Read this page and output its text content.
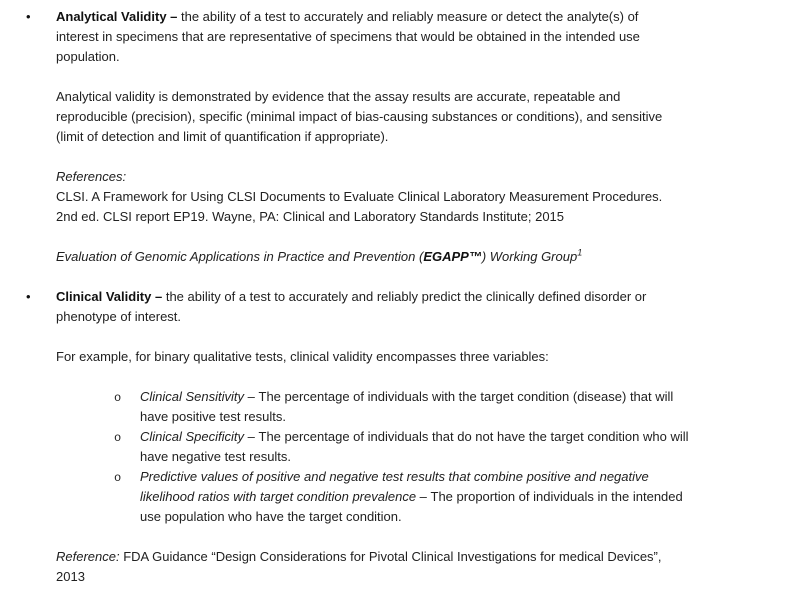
• Analytical Validity – the ability of a test to accurately and reliably measure or detect the analyte(s) of
interest in specimens that are representative of specimens that would be obtained in the intended use
population.
Analytical validity is demonstrated by evidence that the assay results are accurate, repeatable and
reproducible (precision), specific (minimal impact of bias-causing substances or conditions), and sensitive
(limit of detection and limit of quantification if appropriate).
References:
CLSI. A Framework for Using CLSI Documents to Evaluate Clinical Laboratory Measurement Procedures.
2nd ed. CLSI report EP19. Wayne, PA: Clinical and Laboratory Standards Institute; 2015
Evaluation of Genomic Applications in Practice and Prevention (EGAPP™) Working Group$^1$
• Clinical Validity – the ability of a test to accurately and reliably predict the clinically defined disorder or
phenotype of interest.
For example, for binary qualitative tests, clinical validity encompasses three variables:
o Clinical Sensitivity – The percentage of individuals with the target condition (disease) that will
have positive test results.
o Clinical Specificity – The percentage of individuals that do not have the target condition who will
have negative test results.
o Predictive values of positive and negative test results that combine positive and negative
likelihood ratios with target condition prevalence – The proportion of individuals in the intended
use population who have the target condition.
Reference: FDA Guidance “Design Considerations for Pivotal Clinical Investigations for medical Devices”,
2013
